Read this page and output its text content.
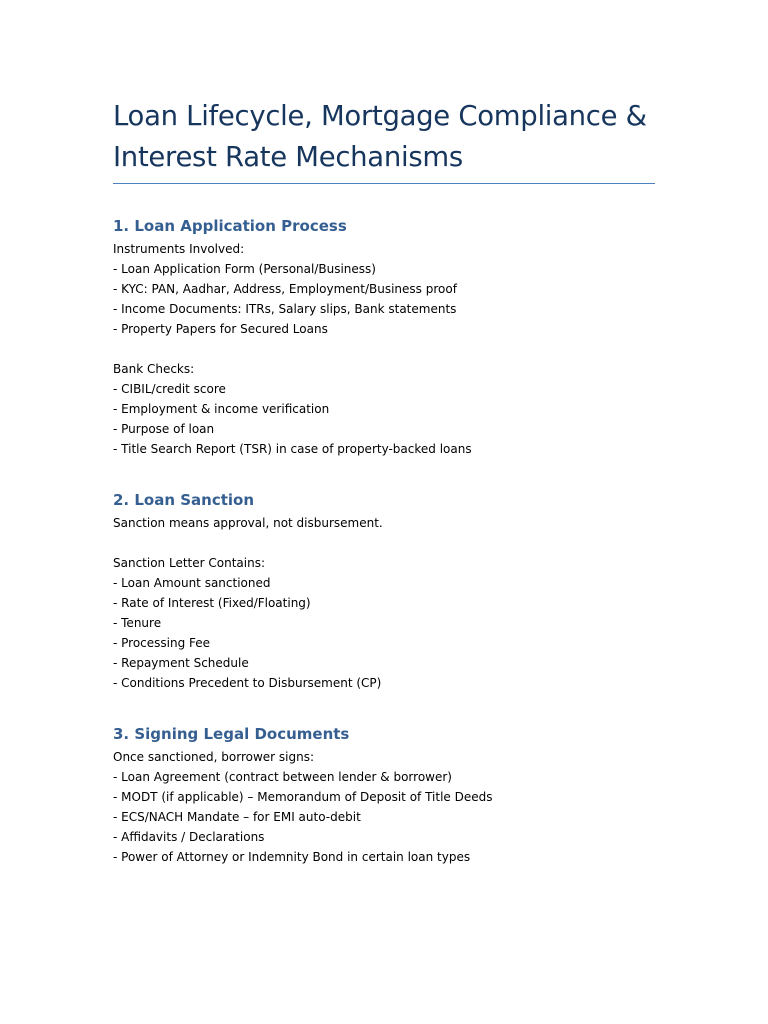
Loan Lifecycle, Mortgage Compliance &
Interest Rate Mechanisms
1. Loan Application Process
Instruments Involved:
- Loan Application Form (Personal/Business)
- KYC: PAN, Aadhar, Address, Employment/Business proof
- Income Documents: ITRs, Salary slips, Bank statements
- Property Papers for Secured Loans
Bank Checks:
- CIBIL/credit score
- Employment & income verification
- Purpose of loan
- Title Search Report (TSR) in case of property-backed loans
2. Loan Sanction
Sanction means approval, not disbursement.
Sanction Letter Contains:
- Loan Amount sanctioned
- Rate of Interest (Fixed/Floating)
- Tenure
- Processing Fee
- Repayment Schedule
- Conditions Precedent to Disbursement (CP)
3. Signing Legal Documents
Once sanctioned, borrower signs:
- Loan Agreement (contract between lender & borrower)
- MODT (if applicable) – Memorandum of Deposit of Title Deeds
- ECS/NACH Mandate – for EMI auto-debit
- Affidavits / Declarations
- Power of Attorney or Indemnity Bond in certain loan types
